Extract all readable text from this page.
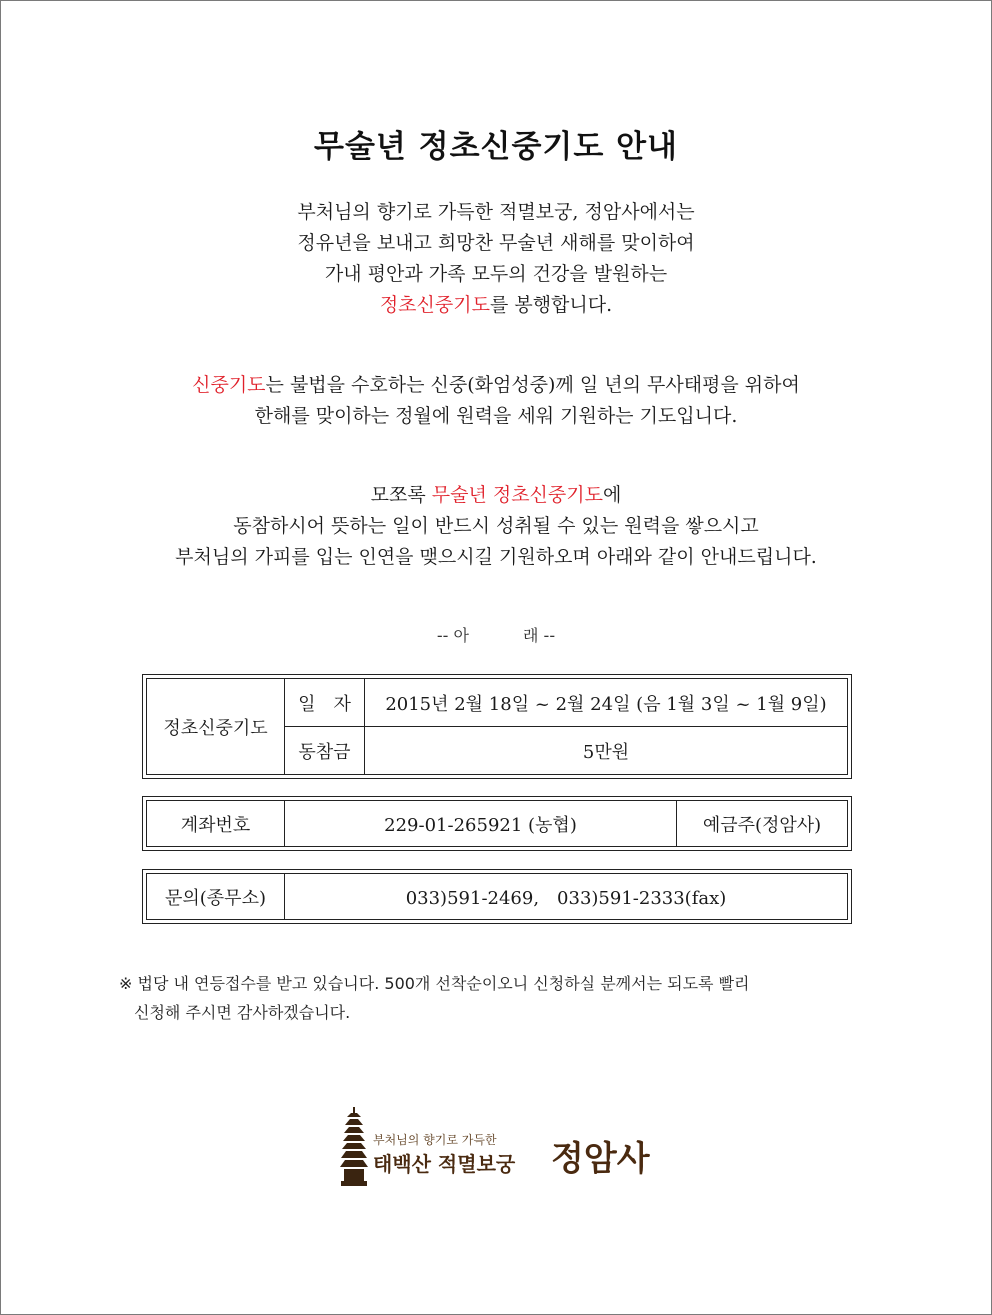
무술년 정초신중기도 안내

부처님의 향기로 가득한 적멸보궁, 정암사에서는

정유년을 보내고 희망찬 무술년 새해를 맞이하여

가내 평안과 가족 모두의 건강을 발원하는

정초신중기도를 봉행합니다.

신중기도는 불법을 수호하는 신중(화엄성중)께 일 년의 무사태평을 위하여

한해를 맞이하는 정월에 원력을 세워 기원하는 기도입니다.

모쪼록 무술년 정초신중기도에

동참하시어 뜻하는 일이 반드시 성취될 수 있는 원력을 쌓으시고

부처님의 가피를 입는 인연을 맺으시길 기원하오며 아래와 같이 안내드립니다.

-- 아	래 --
정초신중기도	일　자	2015년 2월 18일 ~ 2월 24일 (음 1월 3일 ~ 1월 9일)
	동참금	5만원
계좌번호	229-01-265921 (농협)	예금주(정암사)
문의(종무소)	033)591-2469,　033)591-2333(fax)

※ 법당 내 연등접수를 받고 있습니다. 500개 선착순이오니 신청하실 분께서는 되도록 빨리

신청해 주시면 감사하겠습니다.

부처님의 향기로 가득한
태백산 적멸보궁 정암사
